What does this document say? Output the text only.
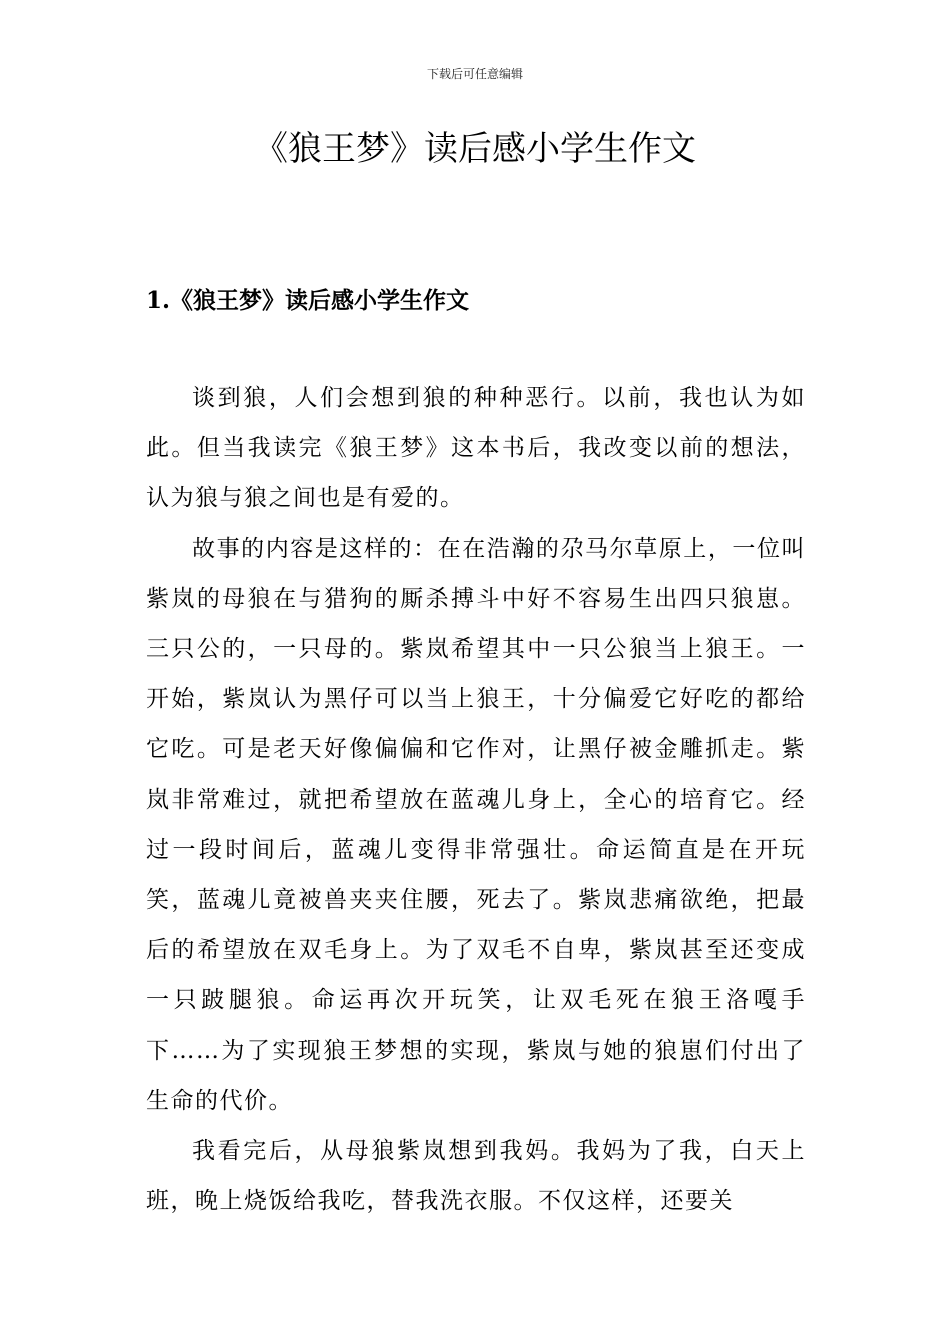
下载后可任意编辑
《狼王梦》读后感小学生作文
1.《狼王梦》读后感小学生作文

谈到狼，人们会想到狼的种种恶行。以前，我也认为如此。但当我读完《狼王梦》这本书后，我改变以前的想法，认为狼与狼之间也是有爱的。

故事的内容是这样的：在在浩瀚的尕马尔草原上，一位叫紫岚的母狼在与猎狗的厮杀搏斗中好不容易生出四只狼崽。三只公的，一只母的。紫岚希望其中一只公狼当上狼王。一开始，紫岚认为黑仔可以当上狼王，十分偏爱它好吃的都给它吃。可是老天好像偏偏和它作对，让黑仔被金雕抓走。紫岚非常难过，就把希望放在蓝魂儿身上，全心的培育它。经过一段时间后，蓝魂儿变得非常强壮。命运简直是在开玩笑，蓝魂儿竟被兽夹夹住腰，死去了。紫岚悲痛欲绝，把最后的希望放在双毛身上。为了双毛不自卑，紫岚甚至还变成一只跛腿狼。命运再次开玩笑，让双毛死在狼王洛嘎手下……为了实现狼王梦想的实现，紫岚与她的狼崽们付出了生命的代价。

我看完后，从母狼紫岚想到我妈。我妈为了我，白天上班，晚上烧饭给我吃，替我洗衣服。不仅这样，还要关
